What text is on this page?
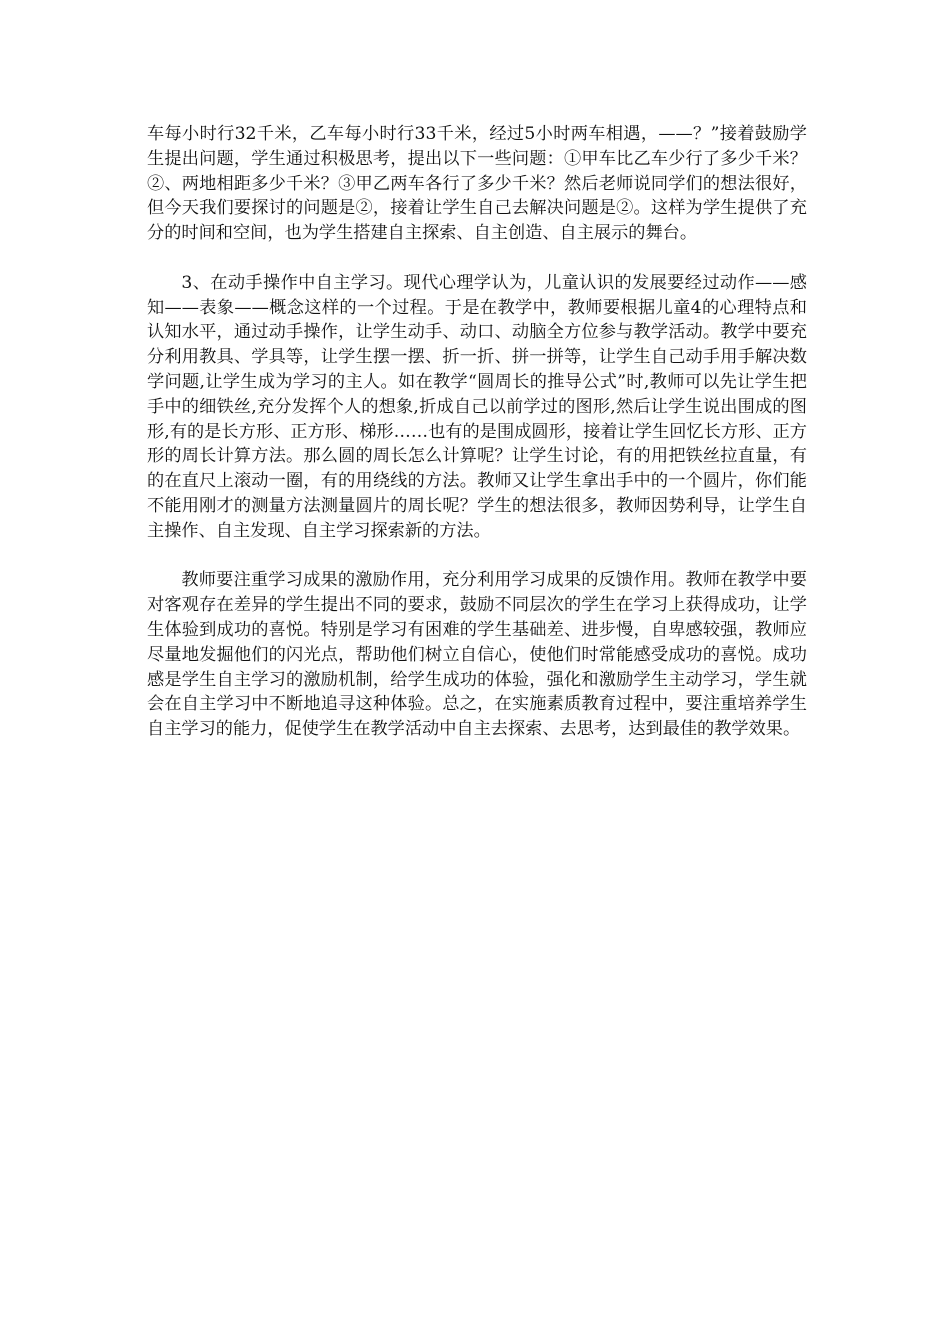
车每小时行32千米，乙车每小时行33千米，经过5小时两车相遇，——？”接着鼓励学生提出问题，学生通过积极思考，提出以下一些问题：①甲车比乙车少行了多少千米？②、两地相距多少千米？③甲乙两车各行了多少千米？然后老师说同学们的想法很好，但今天我们要探讨的问题是②，接着让学生自己去解决问题是②。这样为学生提供了充分的时间和空间，也为学生搭建自主探索、自主创造、自主展示的舞台。

3、在动手操作中自主学习。现代心理学认为，儿童认识的发展要经过动作——感知——表象——概念这样的一个过程。于是在教学中，教师要根据儿童4的心理特点和认知水平，通过动手操作，让学生动手、动口、动脑全方位参与教学活动。教学中要充分利用教具、学具等，让学生摆一摆、折一折、拼一拼等，让学生自己动手用手解决数学问题,让学生成为学习的主人。如在教学“圆周长的推导公式”时,教师可以先让学生把手中的细铁丝,充分发挥个人的想象,折成自己以前学过的图形,然后让学生说出围成的图形,有的是长方形、正方形、梯形……也有的是围成圆形，接着让学生回忆长方形、正方形的周长计算方法。那么圆的周长怎么计算呢？让学生讨论，有的用把铁丝拉直量，有的在直尺上滚动一圈，有的用绕线的方法。教师又让学生拿出手中的一个圆片，你们能不能用刚才的测量方法测量圆片的周长呢？学生的想法很多，教师因势利导，让学生自主操作、自主发现、自主学习探索新的方法。

教师要注重学习成果的激励作用，充分利用学习成果的反馈作用。教师在教学中要对客观存在差异的学生提出不同的要求，鼓励不同层次的学生在学习上获得成功，让学生体验到成功的喜悦。特别是学习有困难的学生基础差、进步慢，自卑感较强，教师应尽量地发掘他们的闪光点，帮助他们树立自信心，使他们时常能感受成功的喜悦。成功感是学生自主学习的激励机制，给学生成功的体验，强化和激励学生主动学习，学生就会在自主学习中不断地追寻这种体验。总之，在实施素质教育过程中，要注重培养学生自主学习的能力，促使学生在教学活动中自主去探索、去思考，达到最佳的教学效果。
